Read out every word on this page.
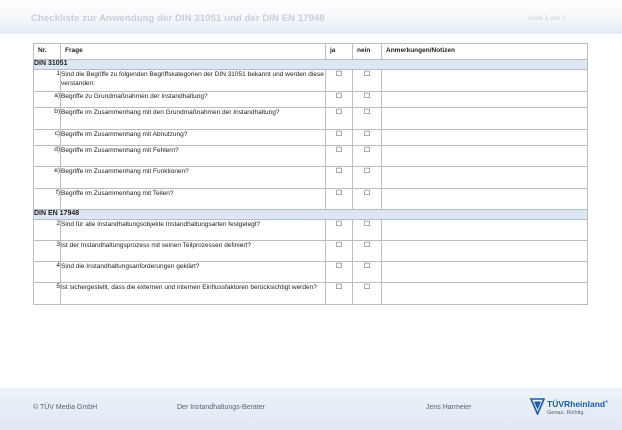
Checkliste zur Anwendung der DIN 31051 und der DIN EN 17948	Seite 1 von 2
Nr.	Frage	ja	nein	Anmerkungen/Notizen
DIN 31051				
1	Sind die Begriffe zu folgenden Begriffskategorien der DIN 31051 bekannt und werden diese verstanden:	☐	☐	
a)	Begriffe zu Grundmaßnahmen der Instandhaltung?	☐	☐	
b)	Begriffe im Zusammenhang mit den Grundmaßnahmen der Instandhaltung?	☐	☐	
c)	Begriffe im Zusammenhang mit Abnutzung?	☐	☐	
d)	Begriffe im Zusammenhang mit Fehlern?	☐	☐	
e)	Begriffe im Zusammenhang mit Funktionen?	☐	☐	
f)	Begriffe im Zusammenhang mit Teilen?	☐	☐	
DIN EN 17948				
2	Sind für alle Instandhaltungsobjekte Instandhaltungsarten festgelegt?	☐	☐	
3	Ist der Instandhaltungsprozess mit seinen Teilprozessen definiert?	☐	☐	
4	Sind die Instandhaltungsanforderungen geklärt?	☐	☐	
5	Ist sichergestellt, dass die externen und internen Einflussfaktoren berücksichtigt werden?	☐	☐	
© TÜV Media GmbH	Der Instandhaltungs-Berater	Jens Harmeier	TÜVRheinland®
Genau. Richtig.
